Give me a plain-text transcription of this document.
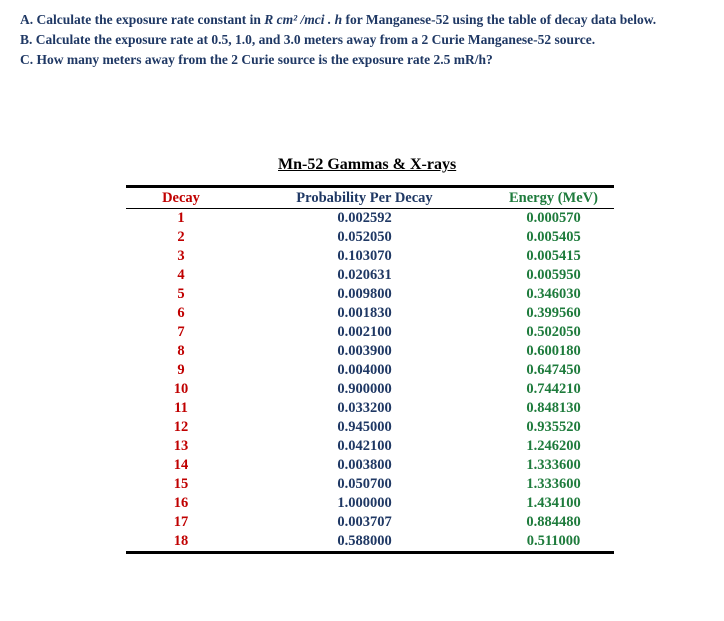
A. Calculate the exposure rate constant in R cm² /mci . h for Manganese-52 using the table of decay data below.

B. Calculate the exposure rate at 0.5, 1.0, and 3.0 meters away from a 2 Curie Manganese-52 source.

C. How many meters away from the 2 Curie source is the exposure rate 2.5 mR/h?

Mn-52 Gammas & X-rays
Decay	Probability Per Decay	Energy (MeV)
1	0.002592	0.000570
2	0.052050	0.005405
3	0.103070	0.005415
4	0.020631	0.005950
5	0.009800	0.346030
6	0.001830	0.399560
7	0.002100	0.502050
8	0.003900	0.600180
9	0.004000	0.647450
10	0.900000	0.744210
11	0.033200	0.848130
12	0.945000	0.935520
13	0.042100	1.246200
14	0.003800	1.333600
15	0.050700	1.333600
16	1.000000	1.434100
17	0.003707	0.884480
18	0.588000	0.511000
